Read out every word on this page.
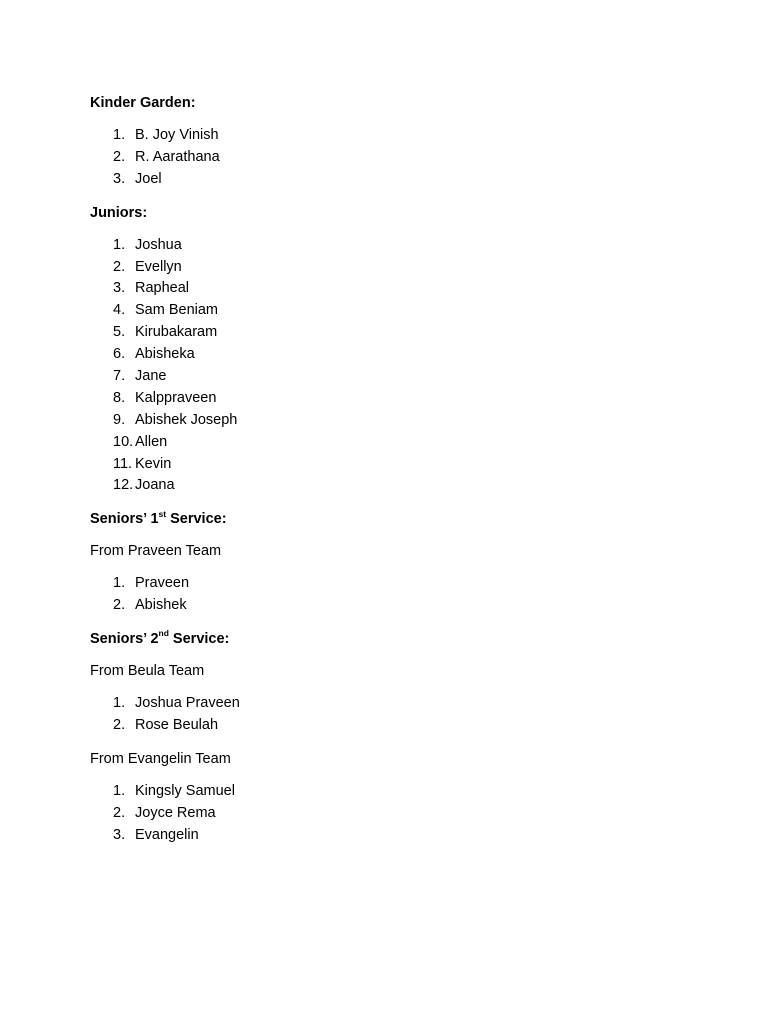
Kinder Garden:

1. B. Joy Vinish
2. R. Aarathana
3. Joel

Juniors:

1. Joshua
2. Evellyn
3. Rapheal
4. Sam Beniam
5. Kirubakaram
6. Abisheka
7. Jane
8. Kalppraveen
9. Abishek Joseph
10. Allen
11. Kevin
12. Joana

Seniors’ 1st Service:

From Praveen Team

1. Praveen
2. Abishek

Seniors’ 2nd Service:

From Beula Team

1. Joshua Praveen
2. Rose Beulah

From Evangelin Team

1. Kingsly Samuel
2. Joyce Rema
3. Evangelin
